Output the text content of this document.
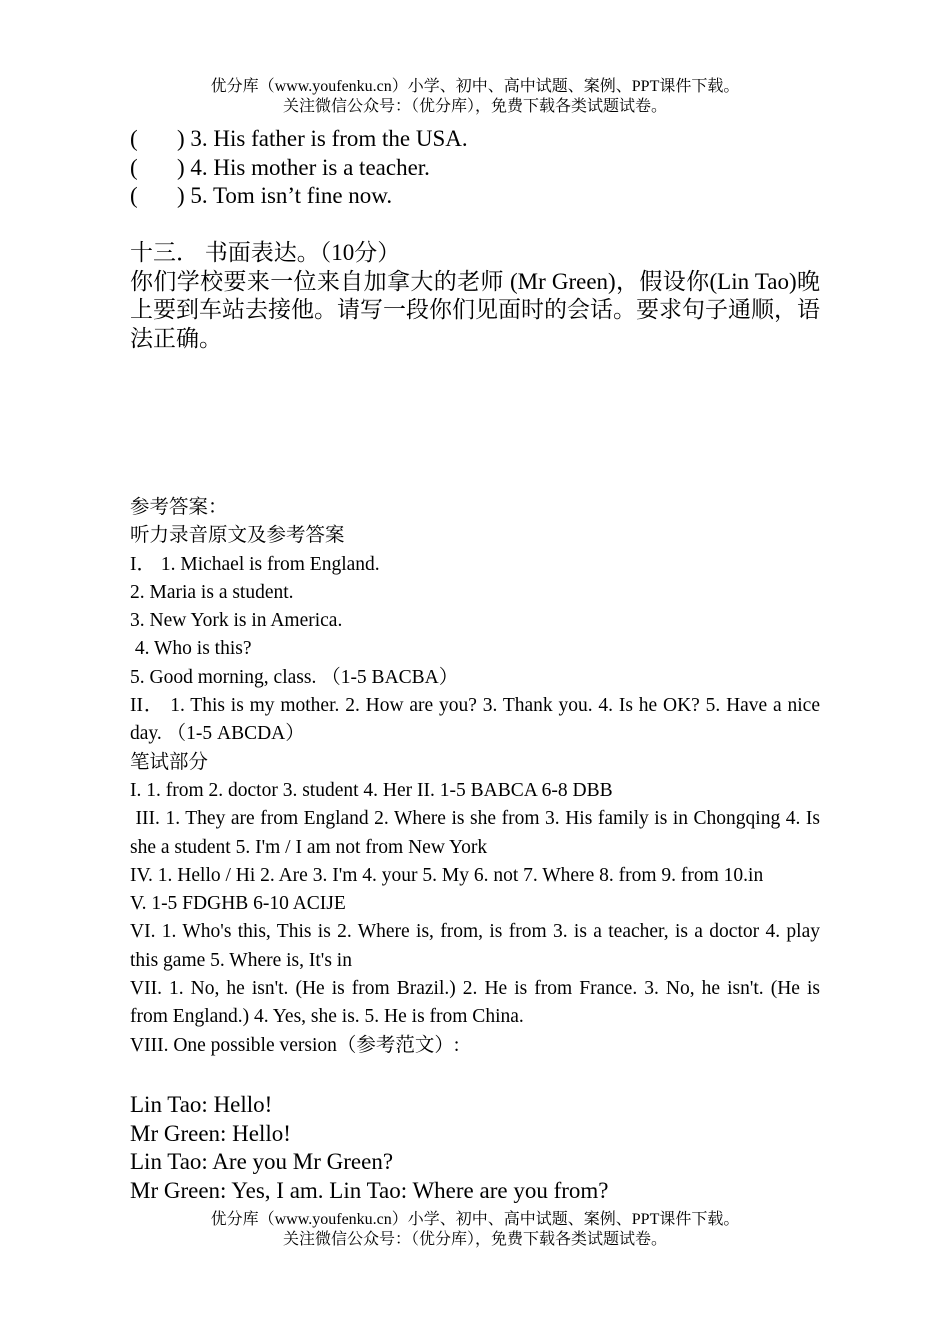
优分库（www.youfenku.cn）小学、初中、高中试题、案例、PPT课件下载。
关注微信公众号：（优分库），免费下载各类试题试卷。
(	) 3. His father is from the USA.
(	) 4. His mother is a teacher.
(	) 5. Tom isn’t fine now.
十三． 书面表达。（10分）
你们学校要来一位来自加拿大的老师 (Mr Green)，假设你(Lin Tao)晚上要到车站去接他。请写一段你们见面时的会话。要求句子通顺，语法正确。
参考答案：
听力录音原文及参考答案
I． 1. Michael is from England.
2. Maria is a student.
3. New York is in America.
4. Who is this?
5. Good morning, class. （1-5 BACBA）
II． 1. This is my mother. 2. How are you? 3. Thank you. 4. Is he OK? 5. Have a nice day. （1-5 ABCDA）
笔试部分
I. 1. from 2. doctor 3. student 4. Her II. 1-5 BABCA 6-8 DBB
III. 1. They are from England 2. Where is she from 3. His family is in Chongqing 4. Is she a student 5. I'm / I am not from New York
IV. 1. Hello / Hi 2. Are 3. I'm 4. your 5. My 6. not 7. Where 8. from 9. from 10.in
V. 1-5 FDGHB 6-10 ACIJE
VI. 1. Who's this, This is 2. Where is, from, is from 3. is a teacher, is a doctor 4. play this game 5. Where is, It's in
VII. 1. No, he isn't. (He is from Brazil.) 2. He is from France. 3. No, he isn't. (He is from England.) 4. Yes, she is. 5. He is from China.
VIII. One possible version（参考范文）:
Lin Tao: Hello!
Mr Green: Hello!
Lin Tao: Are you Mr Green?
Mr Green: Yes, I am. Lin Tao: Where are you from?
优分库（www.youfenku.cn）小学、初中、高中试题、案例、PPT课件下载。
关注微信公众号：（优分库），免费下载各类试题试卷。
